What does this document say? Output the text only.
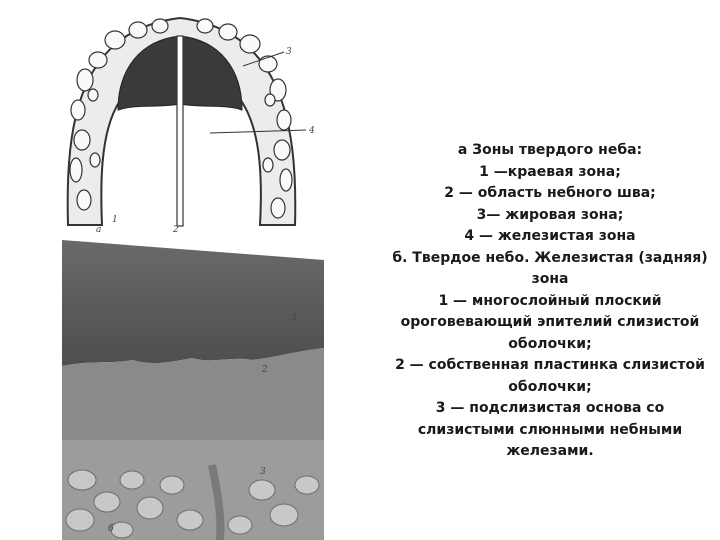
3
4
1
2
а
1
2
3
б
а Зоны твердого неба:
1 —краевая зона;
2 — область небного шва;
3— жировая зона;
4 — железистая зона
б. Твердое небо. Железистая (задняя)
зона
1 — многослойный плоский
ороговевающий эпителий слизистой
оболочки;
2 — собственная пластинка слизистой
оболочки;
3 — подслизистая основа со
слизистыми слюнными небными
железами.
